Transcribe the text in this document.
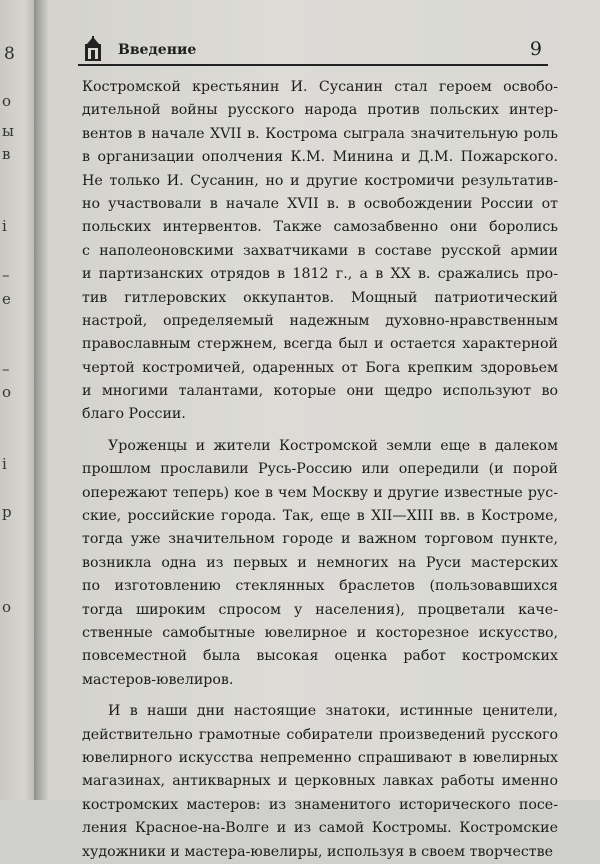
8
о
ы
в
і
–
е
–
о
і
р
о
Введение	9
Костромской крестьянин И. Сусанин стал героем освобо-
дительной войны русского народа против польских интер-
вентов в начале XVII в. Кострома сыграла значительную роль
в организации ополчения К.М. Минина и Д.М. Пожарского.
Не только И. Сусанин, но и другие костромичи результатив-
но участвовали в начале XVII в. в освобождении России от
польских интервентов. Также самозабвенно они боролись
с наполеоновскими захватчиками в составе русской армии
и партизанских отрядов в 1812 г., а в XX в. сражались про-
тив гитлеровских оккупантов. Мощный патриотический
настрой, определяемый надежным духовно-нравственным
православным стержнем, всегда был и остается характерной
чертой костромичей, одаренных от Бога крепким здоровьем
и многими талантами, которые они щедро используют во
благо России.
Уроженцы и жители Костромской земли еще в далеком
прошлом прославили Русь-Россию или опередили (и порой
опережают теперь) кое в чем Москву и другие известные рус-
ские, российские города. Так, еще в XII—XIII вв. в Костроме,
тогда уже значительном городе и важном торговом пункте,
возникла одна из первых и немногих на Руси мастерских
по изготовлению стеклянных браслетов (пользовавшихся
тогда широким спросом у населения), процветали каче-
ственные самобытные ювелирное и косторезное искусство,
повсеместной была высокая оценка работ костромских
мастеров-ювелиров.
И в наши дни настоящие знатоки, истинные ценители,
действительно грамотные собиратели произведений русского
ювелирного искусства непременно спрашивают в ювелирных
магазинах, антикварных и церковных лавках работы именно
костромских мастеров: из знаменитого исторического посе-
ления Красное-на-Волге и из самой Костромы. Костромские
художники и мастера-ювелиры, используя в своем творчестве
